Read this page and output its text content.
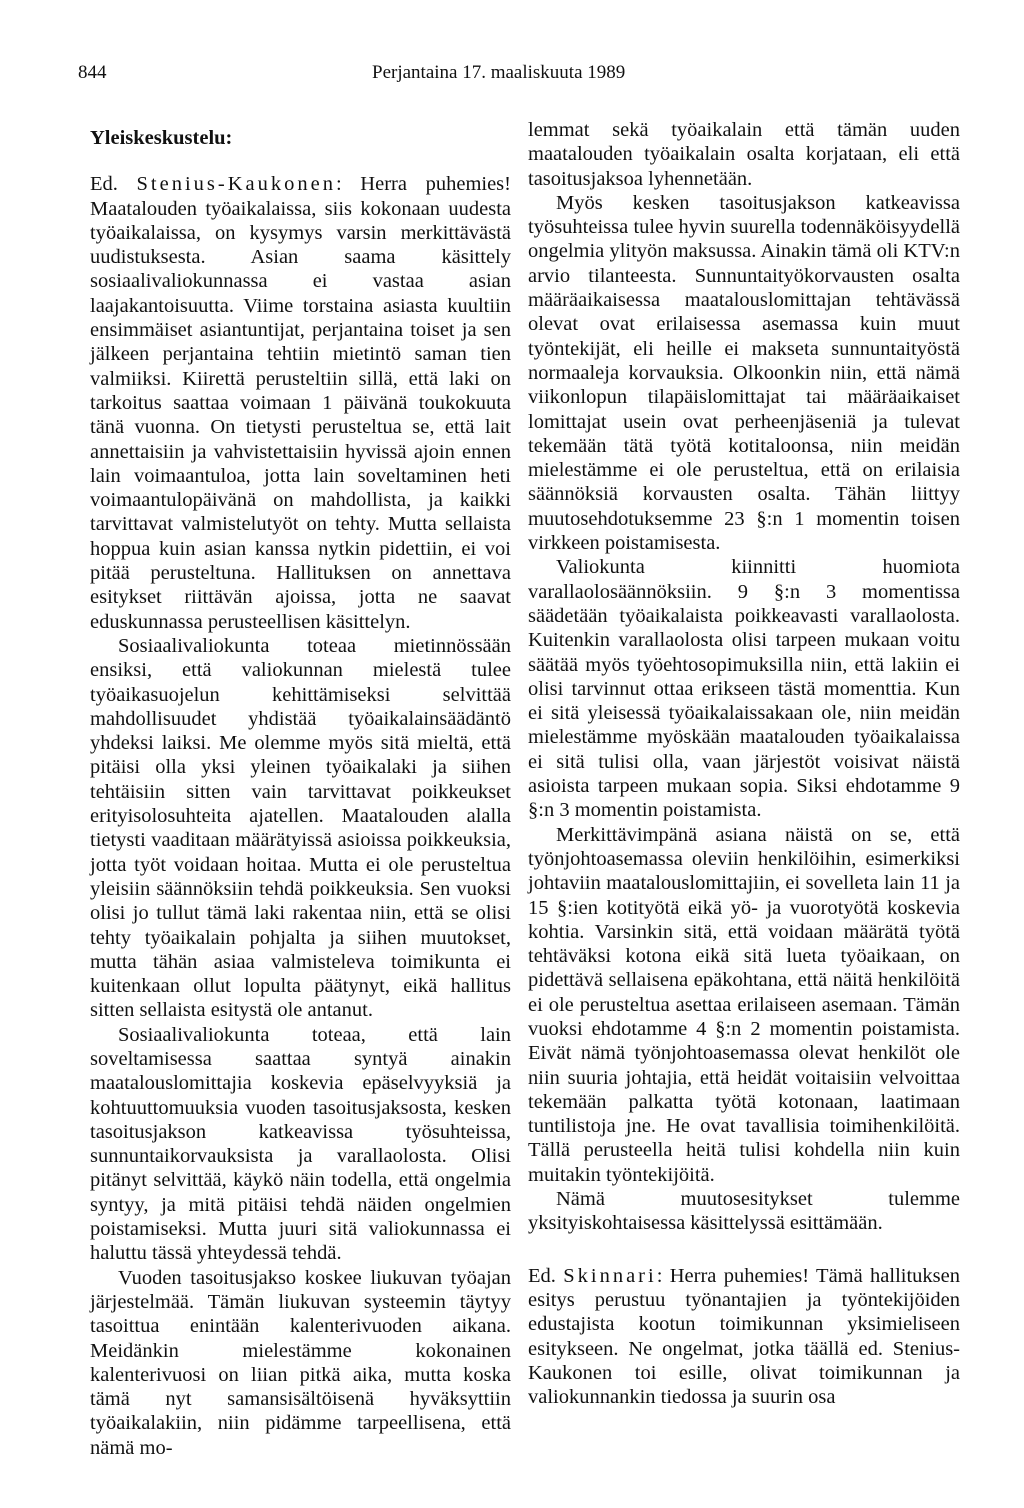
844	Perjantaina 17. maaliskuuta 1989
Yleiskeskustelu:

Ed. Stenius-Kaukonen: Herra puhemies! Maatalouden työaikalaissa, siis kokonaan uudesta työaikalaissa, on kysymys varsin merkittävästä uudistuksesta. Asian saama käsittely sosiaalivaliokunnassa ei vastaa asian laajakantoisuutta. Viime torstaina asiasta kuultiin ensimmäiset asiantuntijat, perjantaina toiset ja sen jälkeen perjantaina tehtiin mietintö saman tien valmiiksi. Kiirettä perusteltiin sillä, että laki on tarkoitus saattaa voimaan 1 päivänä toukokuuta tänä vuonna. On tietysti perusteltua se, että lait annettaisiin ja vahvistettaisiin hyvissä ajoin ennen lain voimaantuloa, jotta lain soveltaminen heti voimaantulopäivänä on mahdollista, ja kaikki tarvittavat valmistelutyöt on tehty. Mutta sellaista hoppua kuin asian kanssa nytkin pidettiin, ei voi pitää perusteltuna. Hallituksen on annettava esitykset riittävän ajoissa, jotta ne saavat eduskunnassa perusteellisen käsittelyn.

Sosiaalivaliokunta toteaa mietinnössään ensiksi, että valiokunnan mielestä tulee työaikasuojelun kehittämiseksi selvittää mahdollisuudet yhdistää työaikalainsäädäntö yhdeksi laiksi. Me olemme myös sitä mieltä, että pitäisi olla yksi yleinen työaikalaki ja siihen tehtäisiin sitten vain tarvittavat poikkeukset erityisolosuhteita ajatellen. Maatalouden alalla tietysti vaaditaan määrätyissä asioissa poikkeuksia, jotta työt voidaan hoitaa. Mutta ei ole perusteltua yleisiin säännöksiin tehdä poikkeuksia. Sen vuoksi olisi jo tullut tämä laki rakentaa niin, että se olisi tehty työaikalain pohjalta ja siihen muutokset, mutta tähän asiaa valmisteleva toimikunta ei kuitenkaan ollut lopulta päätynyt, eikä hallitus sitten sellaista esitystä ole antanut.

Sosiaalivaliokunta toteaa, että lain soveltamisessa saattaa syntyä ainakin maatalouslomittajia koskevia epäselvyyksiä ja kohtuuttomuuksia vuoden tasoitusjaksosta, kesken tasoitusjakson katkeavissa työsuhteissa, sunnuntaikorvauksista ja varallaolosta. Olisi pitänyt selvittää, käykö näin todella, että ongelmia syntyy, ja mitä pitäisi tehdä näiden ongelmien poistamiseksi. Mutta juuri sitä valiokunnassa ei haluttu tässä yhteydessä tehdä.

Vuoden tasoitusjakso koskee liukuvan työajan järjestelmää. Tämän liukuvan systeemin täytyy tasoittua enintään kalenterivuoden aikana. Meidänkin mielestämme kokonainen kalenterivuosi on liian pitkä aika, mutta koska tämä nyt samansisältöisenä hyväksyttiin työaikalakiin, niin pidämme tarpeellisena, että nämä mo-

lemmat sekä työaikalain että tämän uuden maatalouden työaikalain osalta korjataan, eli että tasoitusjaksoa lyhennetään.

Myös kesken tasoitusjakson katkeavissa työsuhteissa tulee hyvin suurella todennäköisyydellä ongelmia ylityön maksussa. Ainakin tämä oli KTV:n arvio tilanteesta. Sunnuntaityökorvausten osalta määräaikaisessa maatalouslomittajan tehtävässä olevat ovat erilaisessa asemassa kuin muut työntekijät, eli heille ei makseta sunnuntaityöstä normaaleja korvauksia. Olkoonkin niin, että nämä viikonlopun tilapäislomittajat tai määräaikaiset lomittajat usein ovat perheenjäseniä ja tulevat tekemään tätä työtä kotitaloonsa, niin meidän mielestämme ei ole perusteltua, että on erilaisia säännöksiä korvausten osalta. Tähän liittyy muutosehdotuksemme 23 §:n 1 momentin toisen virkkeen poistamisesta.

Valiokunta kiinnitti huomiota varallaolosäännöksiin. 9 §:n 3 momentissa säädetään työaikalaista poikkeavasti varallaolosta. Kuitenkin varallaolosta olisi tarpeen mukaan voitu säätää myös työehtosopimuksilla niin, että lakiin ei olisi tarvinnut ottaa erikseen tästä momenttia. Kun ei sitä yleisessä työaikalaissakaan ole, niin meidän mielestämme myöskään maatalouden työaikalaissa ei sitä tulisi olla, vaan järjestöt voisivat näistä asioista tarpeen mukaan sopia. Siksi ehdotamme 9 §:n 3 momentin poistamista.

Merkittävimpänä asiana näistä on se, että työnjohtoasemassa oleviin henkilöihin, esimerkiksi johtaviin maatalouslomittajiin, ei sovelleta lain 11 ja 15 §:ien kotityötä eikä yö- ja vuorotyötä koskevia kohtia. Varsinkin sitä, että voidaan määrätä työtä tehtäväksi kotona eikä sitä lueta työaikaan, on pidettävä sellaisena epäkohtana, että näitä henkilöitä ei ole perusteltua asettaa erilaiseen asemaan. Tämän vuoksi ehdotamme 4 §:n 2 momentin poistamista. Eivät nämä työnjohtoasemassa olevat henkilöt ole niin suuria johtajia, että heidät voitaisiin velvoittaa tekemään palkatta työtä kotonaan, laatimaan tuntilistoja jne. He ovat tavallisia toimihenkilöitä. Tällä perusteella heitä tulisi kohdella niin kuin muitakin työntekijöitä.

Nämä muutosesitykset tulemme yksityiskohtaisessa käsittelyssä esittämään.

Ed. Skinnari: Herra puhemies! Tämä hallituksen esitys perustuu työnantajien ja työntekijöiden edustajista kootun toimikunnan yksimieliseen esitykseen. Ne ongelmat, jotka täällä ed. Stenius-Kaukonen toi esille, olivat toimikunnan ja valiokunnankin tiedossa ja suurin osa
